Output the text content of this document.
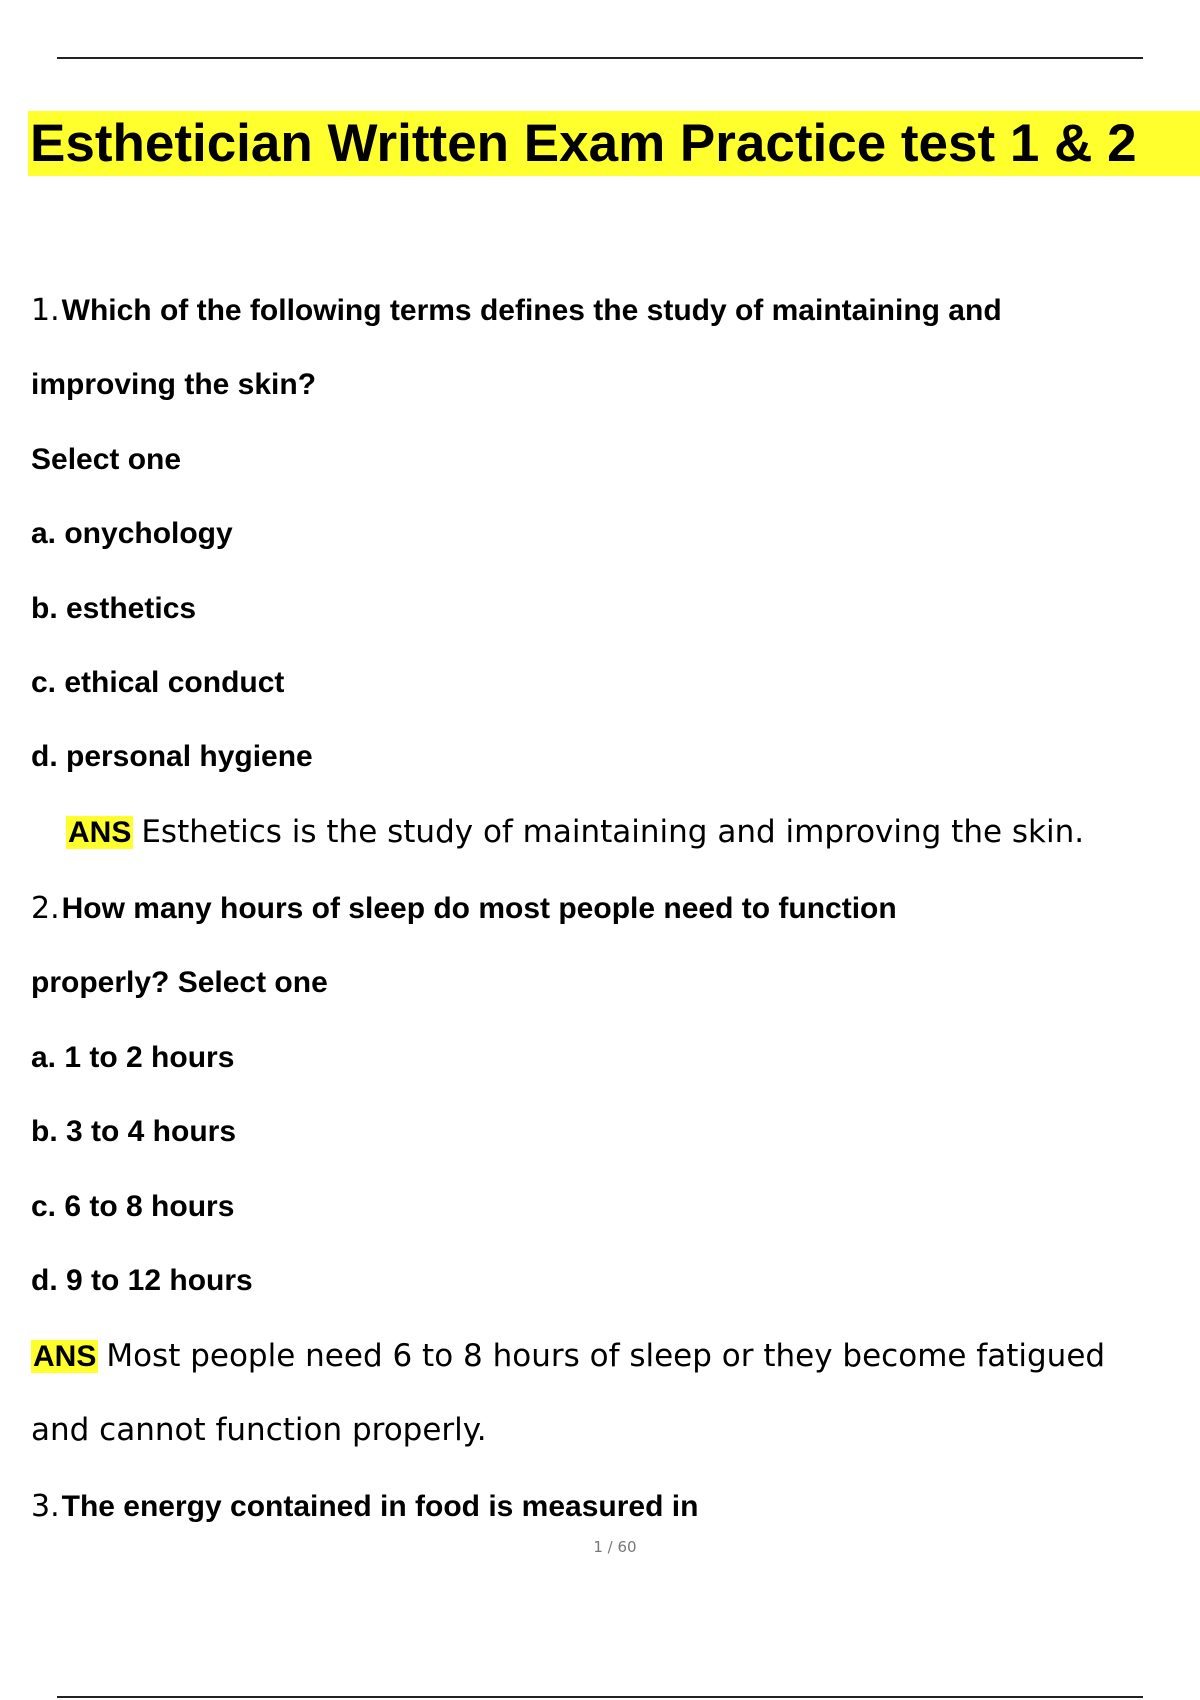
Esthetician Written Exam Practice test 1 & 2
1.Which of the following terms defines the study of maintaining and
improving the skin?
Select one
a. onychology
b. esthetics
c. ethical conduct
d. personal hygiene
ANS Esthetics is the study of maintaining and improving the skin.
2.How many hours of sleep do most people need to function
properly? Select one
a. 1 to 2 hours
b. 3 to 4 hours
c. 6 to 8 hours
d. 9 to 12 hours
ANS Most people need 6 to 8 hours of sleep or they become fatigued
and cannot function properly.
3.The energy contained in food is measured in
1 / 60
